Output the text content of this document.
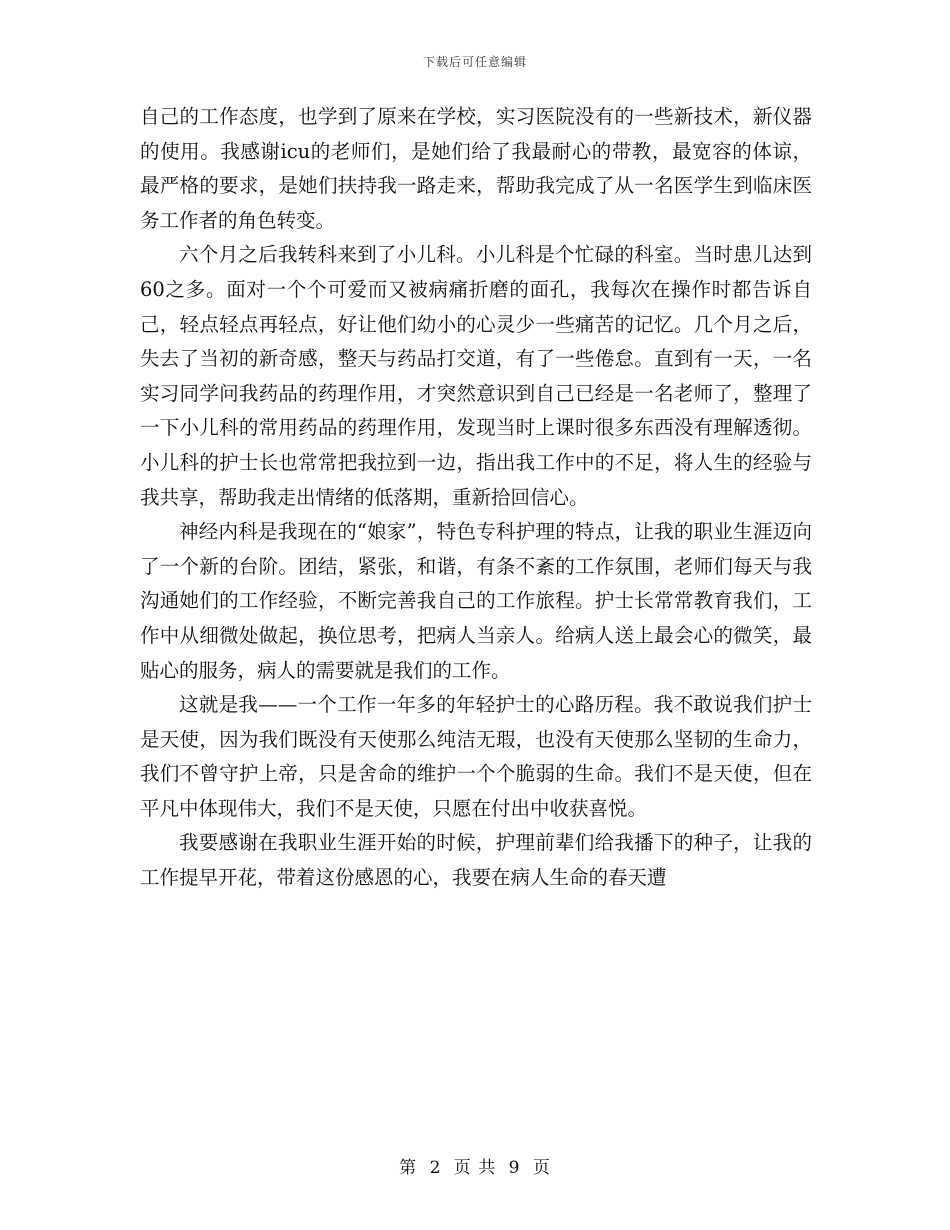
下载后可任意编辑

自己的工作态度，也学到了原来在学校，实习医院没有的一些新技术，新仪器的使用。我感谢icu的老师们，是她们给了我最耐心的带教，最宽容的体谅，最严格的要求，是她们扶持我一路走来，帮助我完成了从一名医学生到临床医务工作者的角色转变。

六个月之后我转科来到了小儿科。小儿科是个忙碌的科室。当时患儿达到60之多。面对一个个可爱而又被病痛折磨的面孔，我每次在操作时都告诉自己，轻点轻点再轻点，好让他们幼小的心灵少一些痛苦的记忆。几个月之后，失去了当初的新奇感，整天与药品打交道，有了一些倦怠。直到有一天，一名实习同学问我药品的药理作用，才突然意识到自己已经是一名老师了，整理了一下小儿科的常用药品的药理作用，发现当时上课时很多东西没有理解透彻。小儿科的护士长也常常把我拉到一边，指出我工作中的不足，将人生的经验与我共享，帮助我走出情绪的低落期，重新拾回信心。

神经内科是我现在的“娘家”，特色专科护理的特点，让我的职业生涯迈向了一个新的台阶。团结，紧张，和谐，有条不紊的工作氛围，老师们每天与我沟通她们的工作经验，不断完善我自己的工作旅程。护士长常常教育我们，工作中从细微处做起，换位思考，把病人当亲人。给病人送上最会心的微笑，最贴心的服务，病人的需要就是我们的工作。

这就是我——一个工作一年多的年轻护士的心路历程。我不敢说我们护士是天使，因为我们既没有天使那么纯洁无瑕，也没有天使那么坚韧的生命力，我们不曾守护上帝，只是舍命的维护一个个脆弱的生命。我们不是天使，但在平凡中体现伟大，我们不是天使，只愿在付出中收获喜悦。

我要感谢在我职业生涯开始的时候，护理前辈们给我播下的种子，让我的工作提早开花，带着这份感恩的心，我要在病人生命的春天遭

第 2 页 共 9 页
